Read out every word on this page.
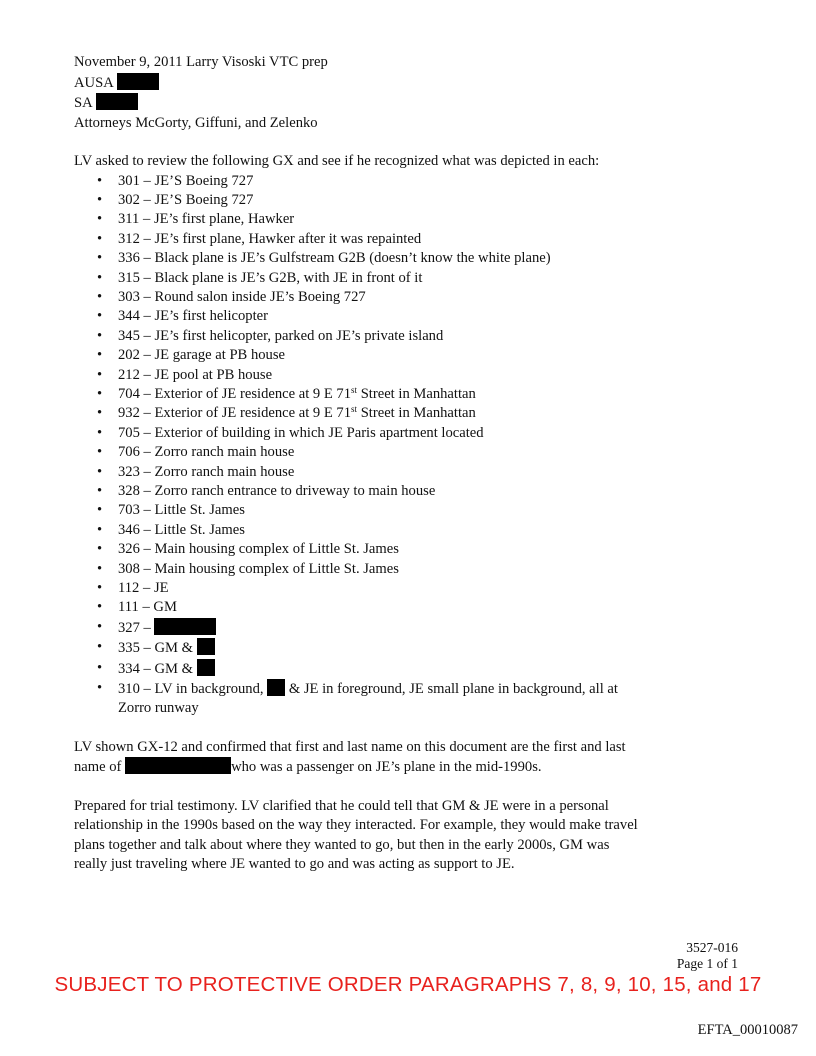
November 9, 2011 Larry Visoski VTC prep
AUSA
SA
Attorneys McGorty, Giffuni, and Zelenko
LV asked to review the following GX and see if he recognized what was depicted in each:
• 301 – JE’S Boeing 727
• 302 – JE’S Boeing 727
• 311 – JE’s first plane, Hawker
• 312 – JE’s first plane, Hawker after it was repainted
• 336 – Black plane is JE’s Gulfstream G2B (doesn’t know the white plane)
• 315 – Black plane is JE’s G2B, with JE in front of it
• 303 – Round salon inside JE’s Boeing 727
• 344 – JE’s first helicopter
• 345 – JE’s first helicopter, parked on JE’s private island
• 202 – JE garage at PB house
• 212 – JE pool at PB house
• 704 – Exterior of JE residence at 9 E 71st Street in Manhattan
• 932 – Exterior of JE residence at 9 E 71st Street in Manhattan
• 705 – Exterior of building in which JE Paris apartment located
• 706 – Zorro ranch main house
• 323 – Zorro ranch main house
• 328 – Zorro ranch entrance to driveway to main house
• 703 – Little St. James
• 346 – Little St. James
• 326 – Main housing complex of Little St. James
• 308 – Main housing complex of Little St. James
• 112 – JE
• 111 – GM
• 327 –
• 335 – GM &
• 334 – GM &
• 310 – LV in background,  & JE in foreground, JE small plane in background, all at
Zorro runway

LV shown GX-12 and confirmed that first and last name on this document are the first and last
name of	who was a passenger on JE’s plane in the mid-1990s.

Prepared for trial testimony. LV clarified that he could tell that GM & JE were in a personal
relationship in the 1990s based on the way they interacted. For example, they would make travel
plans together and talk about where they wanted to go, but then in the early 2000s, GM was
really just traveling where JE wanted to go and was acting as support to JE.

3527-016
Page 1 of 1
SUBJECT TO PROTECTIVE ORDER PARAGRAPHS 7, 8, 9, 10, 15, and 17
EFTA_00010087
